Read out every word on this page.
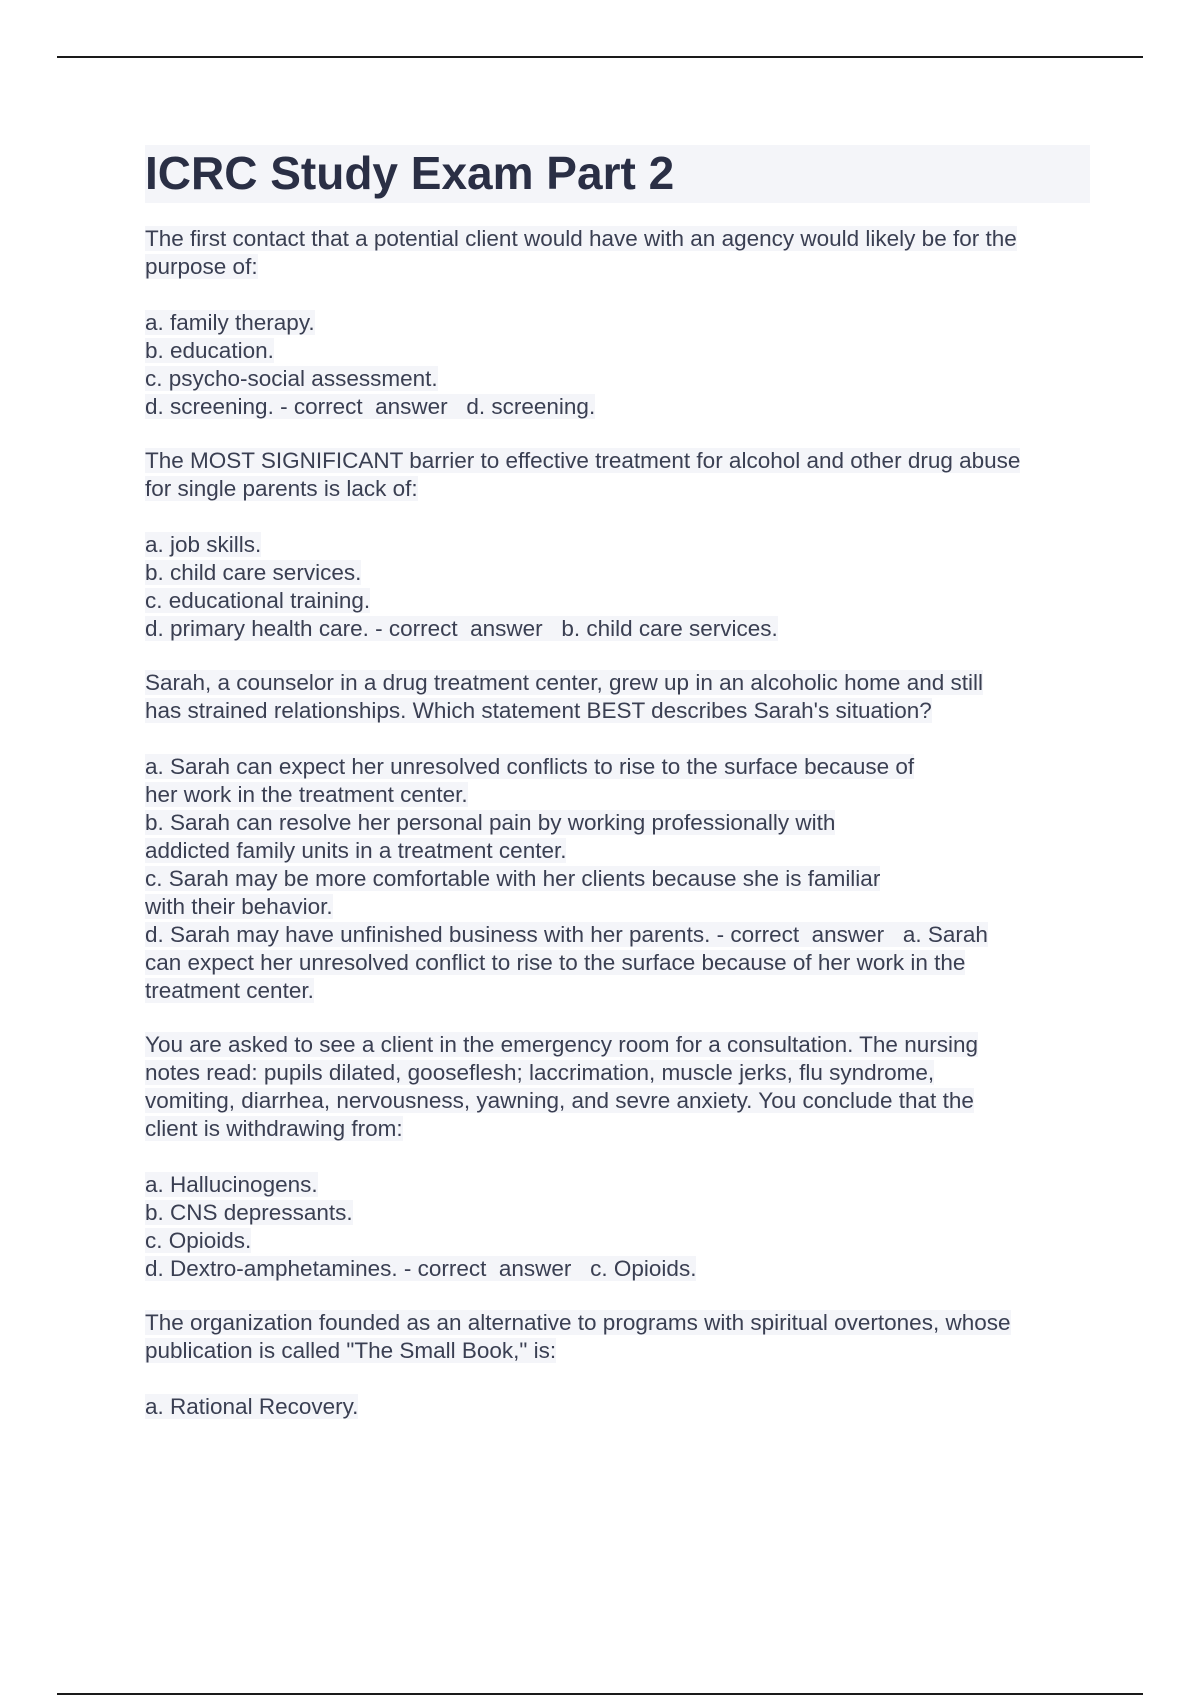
ICRC Study Exam Part 2
The first contact that a potential client would have with an agency would likely be for the
purpose of:
a. family therapy.
b. education.
c. psycho-social assessment.
d. screening. - correct  answer   d. screening.
The MOST SIGNIFICANT barrier to effective treatment for alcohol and other drug abuse
for single parents is lack of:
a. job skills.
b. child care services.
c. educational training.
d. primary health care. - correct  answer   b. child care services.
Sarah, a counselor in a drug treatment center, grew up in an alcoholic home and still
has strained relationships. Which statement BEST describes Sarah's situation?
a. Sarah can expect her unresolved conflicts to rise to the surface because of
her work in the treatment center.
b. Sarah can resolve her personal pain by working professionally with
addicted family units in a treatment center.
c. Sarah may be more comfortable with her clients because she is familiar
with their behavior.
d. Sarah may have unfinished business with her parents. - correct  answer   a. Sarah
can expect her unresolved conflict to rise to the surface because of her work in the
treatment center.
You are asked to see a client in the emergency room for a consultation. The nursing
notes read: pupils dilated, gooseflesh; laccrimation, muscle jerks, flu syndrome,
vomiting, diarrhea, nervousness, yawning, and sevre anxiety. You conclude that the
client is withdrawing from:
a. Hallucinogens.
b. CNS depressants.
c. Opioids.
d. Dextro-amphetamines. - correct  answer   c. Opioids.
The organization founded as an alternative to programs with spiritual overtones, whose
publication is called "The Small Book," is:
a. Rational Recovery.
